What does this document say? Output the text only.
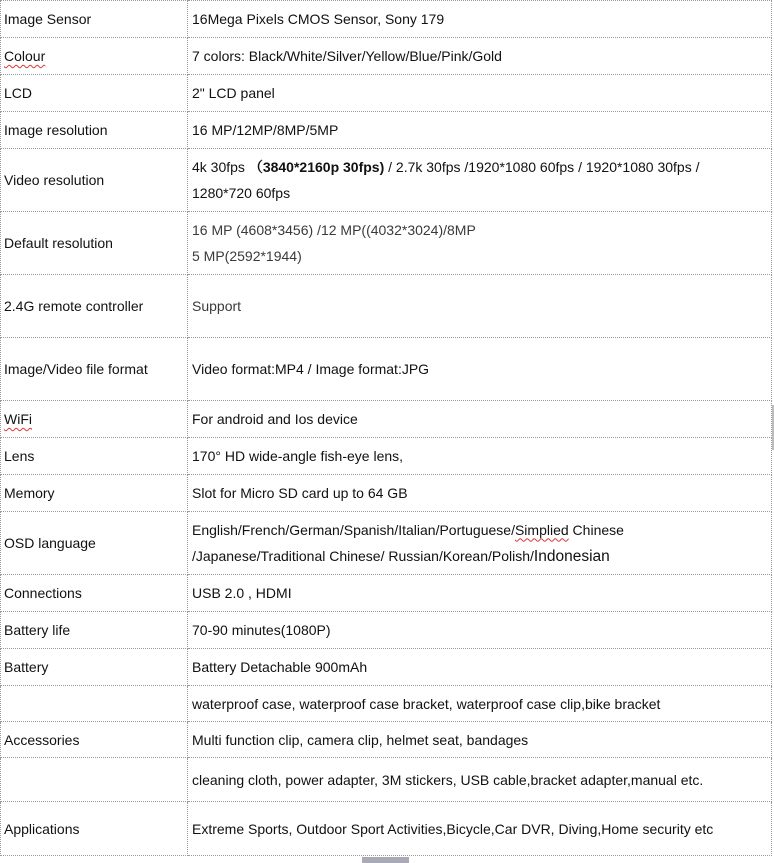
Image Sensor	16Mega Pixels CMOS Sensor, Sony 179
Colour	7 colors: Black/White/Silver/Yellow/Blue/Pink/Gold
LCD	2" LCD panel
Image resolution	16 MP/12MP/8MP/5MP
Video resolution	4k 30fps （3840*2160p 30fps) / 2.7k 30fps /1920*1080 60fps / 1920*1080 30fps /
1280*720 60fps

Default resolution	16 MP (4608*3456) /12 MP((4032*3024)/8MP
5 MP(2592*1944)

2.4G remote controller	Support
Image/Video file format	Video format:MP4 / Image format:JPG
WiFi	For android and Ios device
Lens	170° HD wide-angle fish-eye lens,
Memory	Slot for Micro SD card up to 64 GB
OSD language	English/French/German/Spanish/Italian/Portuguese/Simplied Chinese
/Japanese/Traditional Chinese/ Russian/Korean/Polish/Indonesian

Connections	USB 2.0 , HDMI
Battery life	70-90 minutes(1080P)
Battery	Battery Detachable 900mAh
	waterproof case, waterproof case bracket, waterproof case clip,bike bracket
Accessories	Multi function clip, camera clip, helmet seat, bandages
	cleaning cloth, power adapter, 3M stickers, USB cable,bracket adapter,manual etc.
Applications	Extreme Sports, Outdoor Sport Activities,Bicycle,Car DVR, Diving,Home security etc
